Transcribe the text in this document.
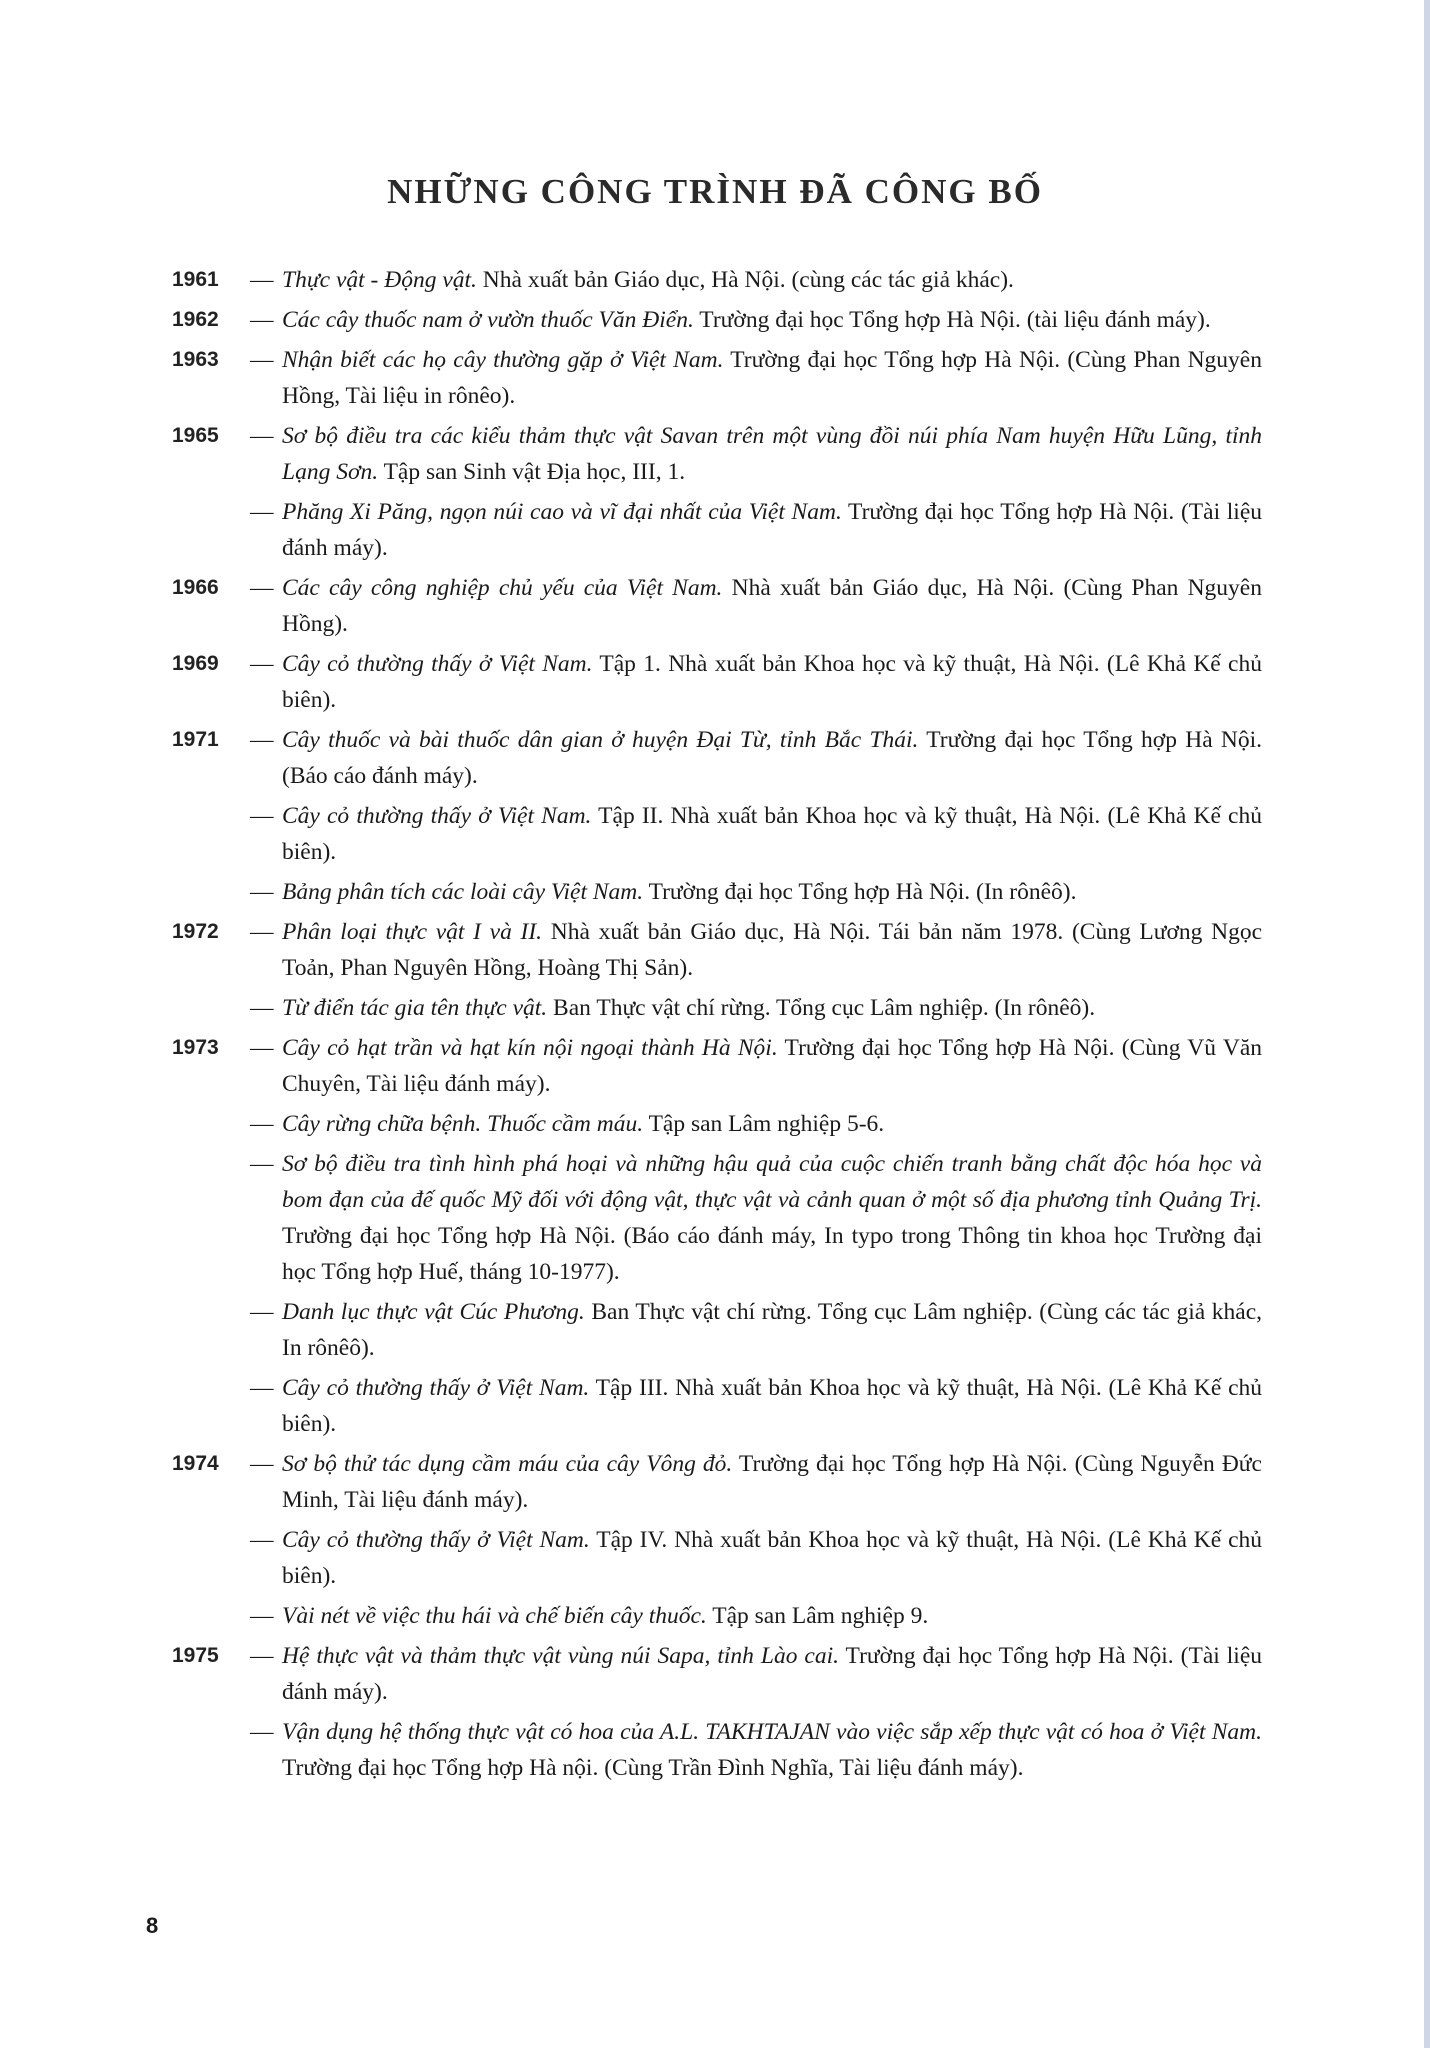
NHỮNG CÔNG TRÌNH ĐÃ CÔNG BỐ
1961 — Thực vật - Động vật. Nhà xuất bản Giáo dục, Hà Nội. (cùng các tác giả khác).
1962 — Các cây thuốc nam ở vườn thuốc Văn Điển. Trường đại học Tổng hợp Hà Nội. (tài liệu đánh máy).
1963 — Nhận biết các họ cây thường gặp ở Việt Nam. Trường đại học Tổng hợp Hà Nội. (Cùng Phan Nguyên Hồng, Tài liệu in rônêo).
1965 — Sơ bộ điều tra các kiểu thảm thực vật Savan trên một vùng đồi núi phía Nam huyện Hữu Lũng, tỉnh Lạng Sơn. Tập san Sinh vật Địa học, III, 1.
— Phăng Xi Păng, ngọn núi cao và vĩ đại nhất của Việt Nam. Trường đại học Tổng hợp Hà Nội. (Tài liệu đánh máy).
1966 — Các cây công nghiệp chủ yếu của Việt Nam. Nhà xuất bản Giáo dục, Hà Nội. (Cùng Phan Nguyên Hồng).
1969 — Cây cỏ thường thấy ở Việt Nam. Tập 1. Nhà xuất bản Khoa học và kỹ thuật, Hà Nội. (Lê Khả Kế chủ biên).
1971 — Cây thuốc và bài thuốc dân gian ở huyện Đại Từ, tỉnh Bắc Thái. Trường đại học Tổng hợp Hà Nội. (Báo cáo đánh máy).
— Cây cỏ thường thấy ở Việt Nam. Tập II. Nhà xuất bản Khoa học và kỹ thuật, Hà Nội. (Lê Khả Kế chủ biên).
— Bảng phân tích các loài cây Việt Nam. Trường đại học Tổng hợp Hà Nội. (In rônêô).
1972 — Phân loại thực vật I và II. Nhà xuất bản Giáo dục, Hà Nội. Tái bản năm 1978. (Cùng Lương Ngọc Toản, Phan Nguyên Hồng, Hoàng Thị Sản).
— Từ điển tác gia tên thực vật. Ban Thực vật chí rừng. Tổng cục Lâm nghiệp. (In rônêô).
1973 — Cây cỏ hạt trần và hạt kín nội ngoại thành Hà Nội. Trường đại học Tổng hợp Hà Nội. (Cùng Vũ Văn Chuyên, Tài liệu đánh máy).
— Cây rừng chữa bệnh. Thuốc cầm máu. Tập san Lâm nghiệp 5-6.
— Sơ bộ điều tra tình hình phá hoại và những hậu quả của cuộc chiến tranh bằng chất độc hóa học và bom đạn của đế quốc Mỹ đối với động vật, thực vật và cảnh quan ở một số địa phương tỉnh Quảng Trị. Trường đại học Tổng hợp Hà Nội. (Báo cáo đánh máy, In typo trong Thông tin khoa học Trường đại học Tổng hợp Huế, tháng 10-1977).
— Danh lục thực vật Cúc Phương. Ban Thực vật chí rừng. Tổng cục Lâm nghiệp. (Cùng các tác giả khác, In rônêô).
— Cây cỏ thường thấy ở Việt Nam. Tập III. Nhà xuất bản Khoa học và kỹ thuật, Hà Nội. (Lê Khả Kế chủ biên).
1974 — Sơ bộ thử tác dụng cầm máu của cây Vông đỏ. Trường đại học Tổng hợp Hà Nội. (Cùng Nguyễn Đức Minh, Tài liệu đánh máy).
— Cây cỏ thường thấy ở Việt Nam. Tập IV. Nhà xuất bản Khoa học và kỹ thuật, Hà Nội. (Lê Khả Kế chủ biên).
— Vài nét về việc thu hái và chế biến cây thuốc. Tập san Lâm nghiệp 9.
1975 — Hệ thực vật và thảm thực vật vùng núi Sapa, tỉnh Lào cai. Trường đại học Tổng hợp Hà Nội. (Tài liệu đánh máy).
— Vận dụng hệ thống thực vật có hoa của A.L. TAKHTAJAN vào việc sắp xếp thực vật có hoa ở Việt Nam. Trường đại học Tổng hợp Hà nội. (Cùng Trần Đình Nghĩa, Tài liệu đánh máy).
8
